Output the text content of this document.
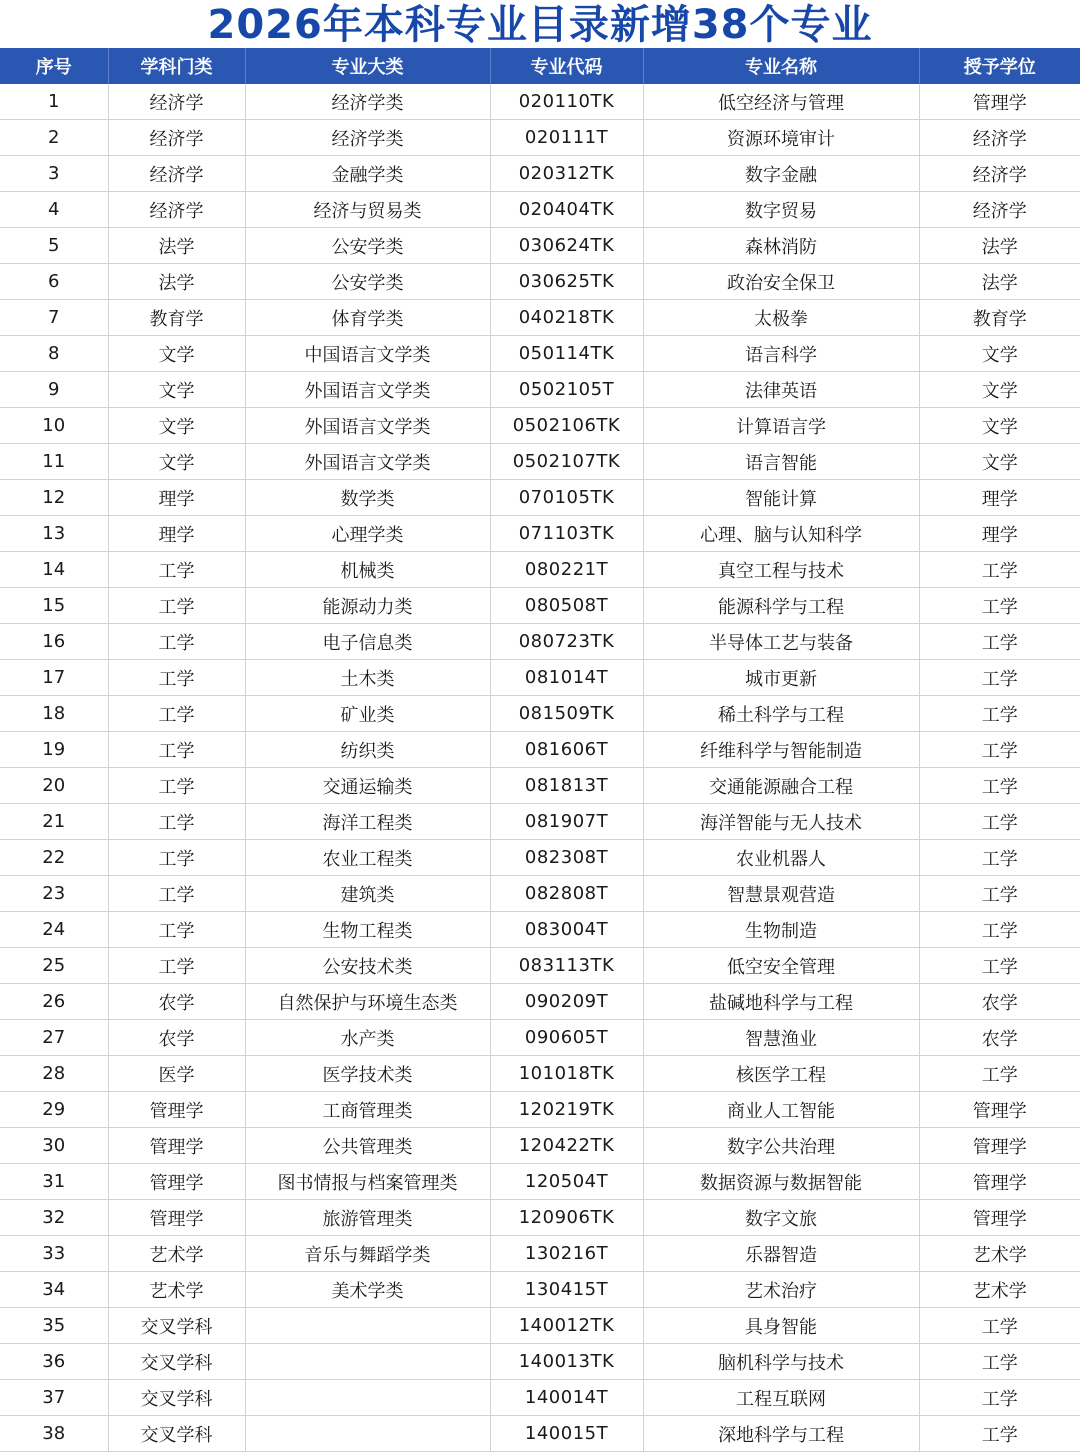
2026年本科专业目录新增38个专业
序号	学科门类	专业大类	专业代码	专业名称	授予学位
1	经济学	经济学类	020110TK	低空经济与管理	管理学
2	经济学	经济学类	020111T	资源环境审计	经济学
3	经济学	金融学类	020312TK	数字金融	经济学
4	经济学	经济与贸易类	020404TK	数字贸易	经济学
5	法学	公安学类	030624TK	森林消防	法学
6	法学	公安学类	030625TK	政治安全保卫	法学
7	教育学	体育学类	040218TK	太极拳	教育学
8	文学	中国语言文学类	050114TK	语言科学	文学
9	文学	外国语言文学类	0502105T	法律英语	文学
10	文学	外国语言文学类	0502106TK	计算语言学	文学
11	文学	外国语言文学类	0502107TK	语言智能	文学
12	理学	数学类	070105TK	智能计算	理学
13	理学	心理学类	071103TK	心理、脑与认知科学	理学
14	工学	机械类	080221T	真空工程与技术	工学
15	工学	能源动力类	080508T	能源科学与工程	工学
16	工学	电子信息类	080723TK	半导体工艺与装备	工学
17	工学	土木类	081014T	城市更新	工学
18	工学	矿业类	081509TK	稀土科学与工程	工学
19	工学	纺织类	081606T	纤维科学与智能制造	工学
20	工学	交通运输类	081813T	交通能源融合工程	工学
21	工学	海洋工程类	081907T	海洋智能与无人技术	工学
22	工学	农业工程类	082308T	农业机器人	工学
23	工学	建筑类	082808T	智慧景观营造	工学
24	工学	生物工程类	083004T	生物制造	工学
25	工学	公安技术类	083113TK	低空安全管理	工学
26	农学	自然保护与环境生态类	090209T	盐碱地科学与工程	农学
27	农学	水产类	090605T	智慧渔业	农学
28	医学	医学技术类	101018TK	核医学工程	工学
29	管理学	工商管理类	120219TK	商业人工智能	管理学
30	管理学	公共管理类	120422TK	数字公共治理	管理学
31	管理学	图书情报与档案管理类	120504T	数据资源与数据智能	管理学
32	管理学	旅游管理类	120906TK	数字文旅	管理学
33	艺术学	音乐与舞蹈学类	130216T	乐器智造	艺术学
34	艺术学	美术学类	130415T	艺术治疗	艺术学
35	交叉学科		140012TK	具身智能	工学
36	交叉学科		140013TK	脑机科学与技术	工学
37	交叉学科		140014T	工程互联网	工学
38	交叉学科		140015T	深地科学与工程	工学
